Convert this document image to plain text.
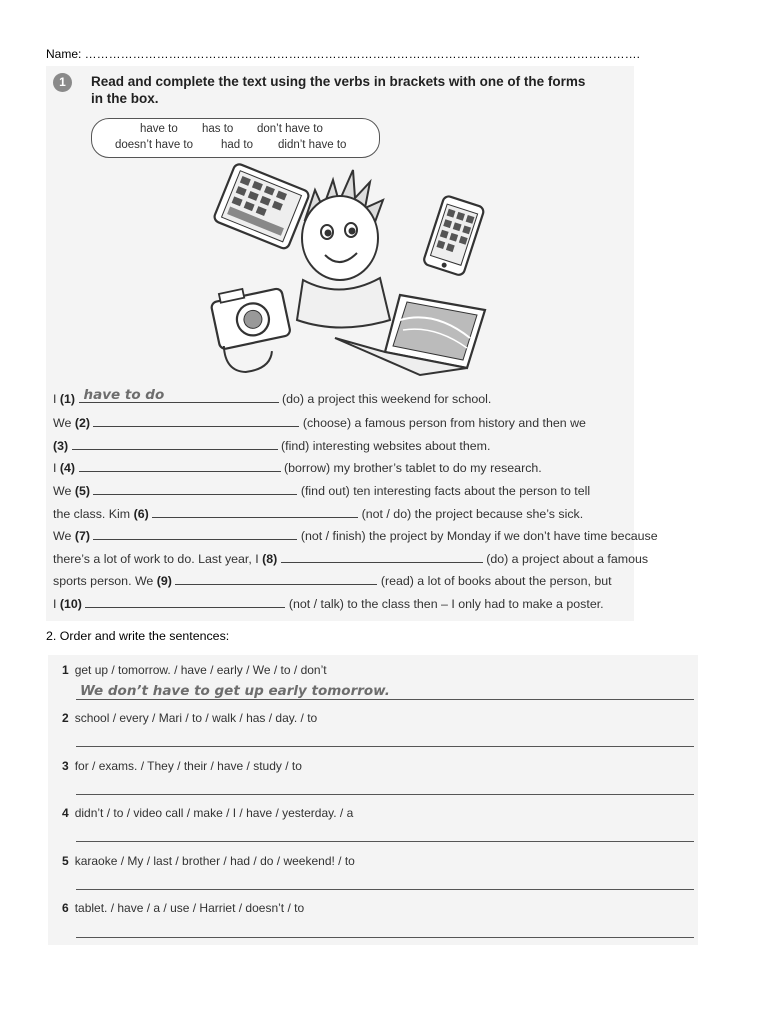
Name: ………………………………………………………………………………………………………………………….
1	Read and complete the text using the verbs in brackets with one of the forms
in the box.
have to has to don’t have to
doesn’t have to had to didn’t have to
I (1) have to do	(do) a project this weekend for school.
We (2)	(choose) a famous person from history and then we
(3)	(find) interesting websites about them.
I (4)	(borrow) my brother’s tablet to do my research.
We (5)	(find out) ten interesting facts about the person to tell
the class. Kim (6)	(not / do) the project because she’s sick.
We (7)	(not / finish) the project by Monday if we don’t have time because
there’s a lot of work to do. Last year, I (8)	(do) a project about a famous
sports person. We (9)	(read) a lot of books about the person, but
I (10)	(not / talk) to the class then – I only had to make a poster.
2. Order and write the sentences:
1 get up / tomorrow. / have / early / We / to / don’t
We don’t have to get up early tomorrow.
2 school / every / Mari / to / walk / has / day. / to
3 for / exams. / They / their / have / study / to
4 didn’t / to / video call / make / I / have / yesterday. / a
5 karaoke / My / last / brother / had / do / weekend! / to
6 tablet. / have / a / use / Harriet / doesn’t / to
